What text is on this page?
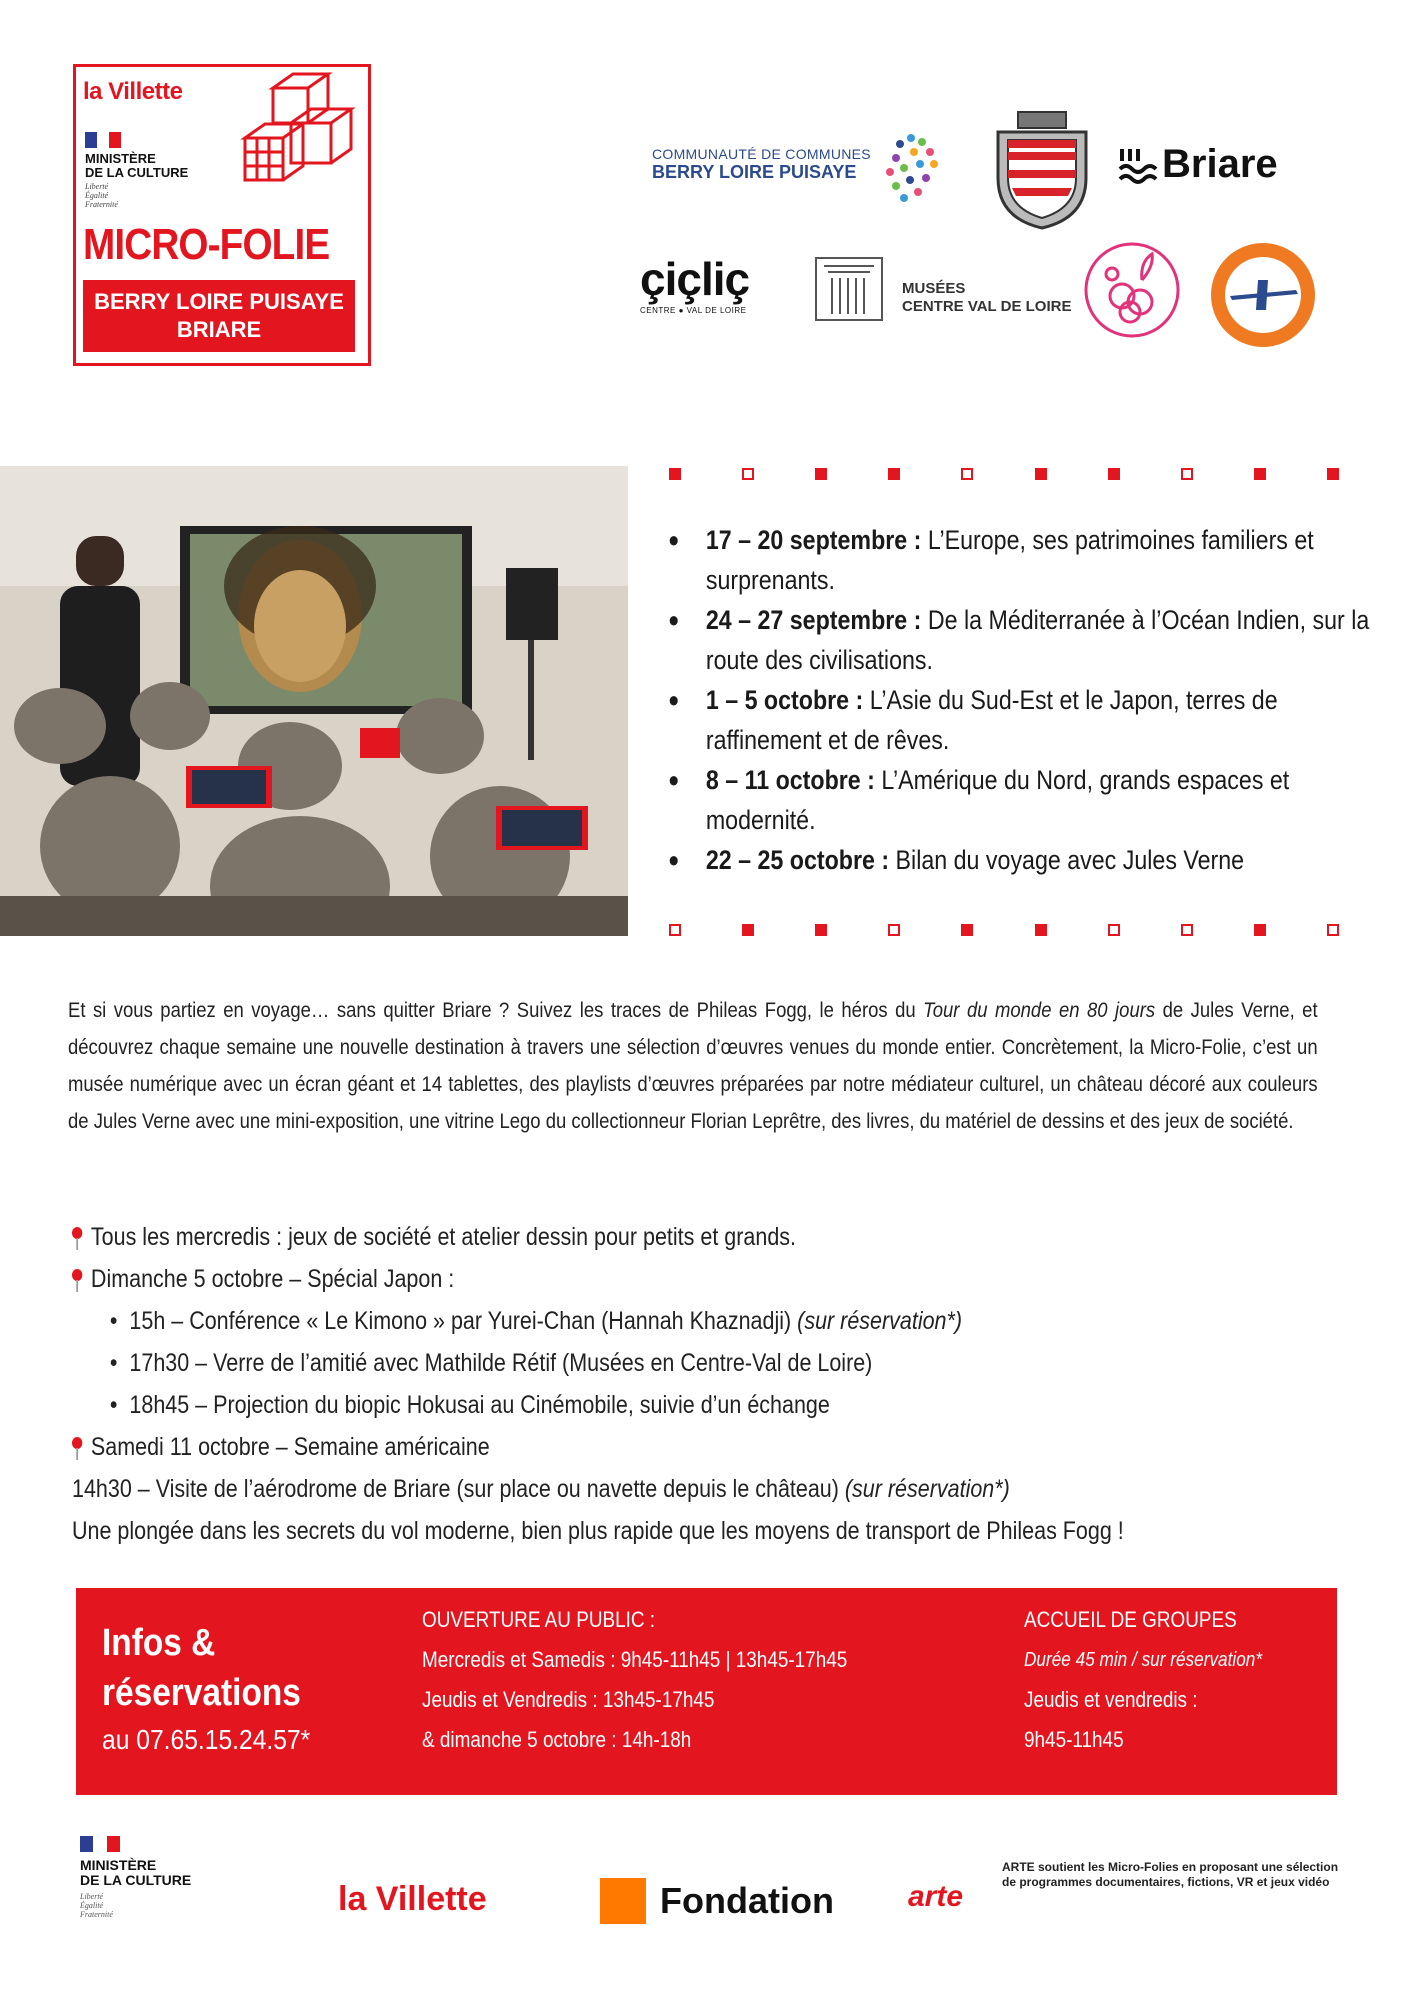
la Villette
MINISTÈRE
DE LA CULTURE
Liberté
Égalité
Fraternité
MICRO-FOLIE
BERRY LOIRE PUISAYE
BRIARE
COMMUNAUTÉ DE COMMUNES
BERRY LOIRE PUISAYE	Briare
çiçliç
CENTRE ● VAL DE LOIRE
MUSÉES
CENTRE VAL DE LOIRE
● 17 – 20 septembre : L’Europe, ses patrimoines familiers et surprenants.
● 24 – 27 septembre : De la Méditerranée à l’Océan Indien, sur la route des civilisations.
● 1 – 5 octobre : L’Asie du Sud-Est et le Japon, terres de raffinement et de rêves.
● 8 – 11 octobre : L’Amérique du Nord, grands espaces et modernité.
● 22 – 25 octobre : Bilan du voyage avec Jules Verne
Et si vous partiez en voyage… sans quitter Briare ? Suivez les traces de Phileas Fogg, le héros du Tour du monde en 80 jours de Jules Verne, et découvrez chaque semaine une nouvelle destination à travers une sélection d’œuvres venues du monde entier. Concrètement, la Micro-Folie, c’est un musée numérique avec un écran géant et 14 tablettes, des playlists d’œuvres préparées par notre médiateur culturel, un château décoré aux couleurs de Jules Verne avec une mini-exposition, une vitrine Lego du collectionneur Florian Leprêtre, des livres, du matériel de dessins et des jeux de société.
Tous les mercredis : jeux de société et atelier dessin pour petits et grands.
Dimanche 5 octobre – Spécial Japon :
• 15h – Conférence « Le Kimono » par Yurei-Chan (Hannah Khaznadji) (sur réservation*)
• 17h30 – Verre de l’amitié avec Mathilde Rétif (Musées en Centre-Val de Loire)
• 18h45 – Projection du biopic Hokusai au Cinémobile, suivie d’un échange
Samedi 11 octobre – Semaine américaine
14h30 – Visite de l’aérodrome de Briare (sur place ou navette depuis le château) (sur réservation*)
Une plongée dans les secrets du vol moderne, bien plus rapide que les moyens de transport de Phileas Fogg !
Infos &
réservations
au 07.65.15.24.57*
OUVERTURE AU PUBLIC :
Mercredis et Samedis : 9h45-11h45 | 13h45-17h45
Jeudis et Vendredis : 13h45-17h45
& dimanche 5 octobre : 14h-18h
ACCUEIL DE GROUPES
Durée 45 min / sur réservation*
Jeudis et vendredis :
9h45-11h45
MINISTÈRE
DE LA CULTURE
Liberté
Égalité
Fraternité	la Villette	Fondation arte
ARTE soutient les Micro-Folies en proposant une sélection de programmes documentaires, fictions, VR et jeux vidéo
